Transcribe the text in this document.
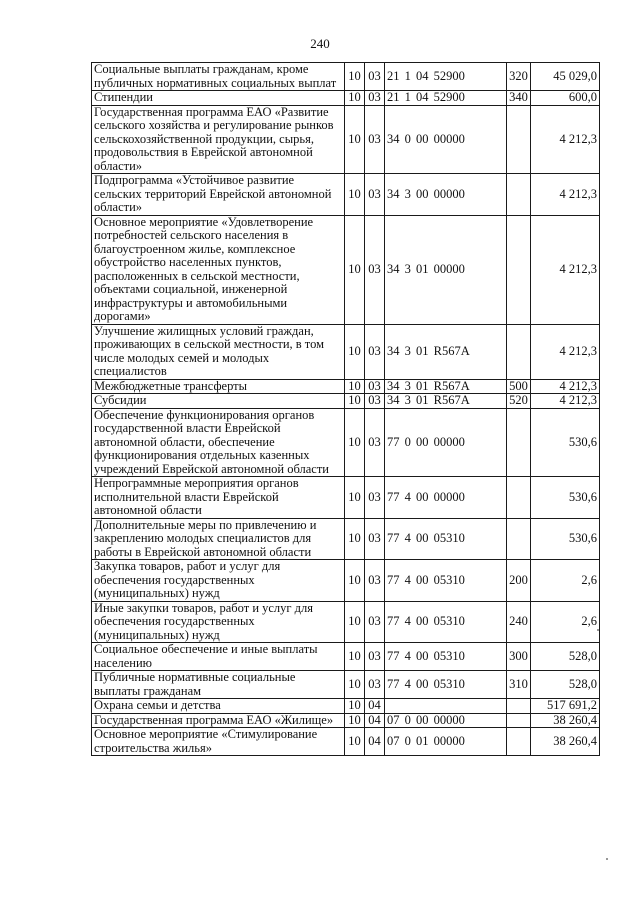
240
Социальные выплаты гражданам, кроме публичных нормативных социальных выплат	10	03	21 1 04 52900	320	45 029,0
Стипендии	10	03	21 1 04 52900	340	600,0
Государственная программа ЕАО «Развитие сельского хозяйства и регулирование рынков сельскохозяйственной продукции, сырья, продовольствия в Еврейской автономной области»	10	03	34 0 00 00000		4 212,3
Подпрограмма «Устойчивое развитие сельских территорий Еврейской автономной области»	10	03	34 3 00 00000		4 212,3
Основное мероприятие «Удовлетворение потребностей сельского населения в благоустроенном жилье, комплексное обустройство населенных пунктов, расположенных в сельской местности, объектами социальной, инженерной инфраструктуры и автомобильными дорогами»	10	03	34 3 01 00000		4 212,3
Улучшение жилищных условий граждан, проживающих в сельской местности, в том числе молодых семей и молодых специалистов	10	03	34 3 01 R567A		4 212,3
Межбюджетные трансферты	10	03	34 3 01 R567A	500	4 212,3
Субсидии	10	03	34 3 01 R567A	520	4 212,3
Обеспечение функционирования органов государственной власти Еврейской автономной области, обеспечение функционирования отдельных казенных учреждений Еврейской автономной области	10	03	77 0 00 00000		530,6
Непрограммные мероприятия органов исполнительной власти Еврейской автономной области	10	03	77 4 00 00000		530,6
Дополнительные меры по привлечению и закреплению молодых специалистов для работы в Еврейской автономной области	10	03	77 4 00 05310		530,6
Закупка товаров, работ и услуг для обеспечения государственных (муниципальных) нужд	10	03	77 4 00 05310	200	2,6
Иные закупки товаров, работ и услуг для обеспечения государственных (муниципальных) нужд	10	03	77 4 00 05310	240	2,6
Социальное обеспечение и иные выплаты населению	10	03	77 4 00 05310	300	528,0
Публичные нормативные социальные выплаты гражданам	10	03	77 4 00 05310	310	528,0
Охрана семьи и детства	10	04			517 691,2
Государственная программа ЕАО «Жилище»	10	04	07 0 00 00000		38 260,4
Основное мероприятие «Стимулирование строительства жилья»	10	04	07 0 01 00000		38 260,4
